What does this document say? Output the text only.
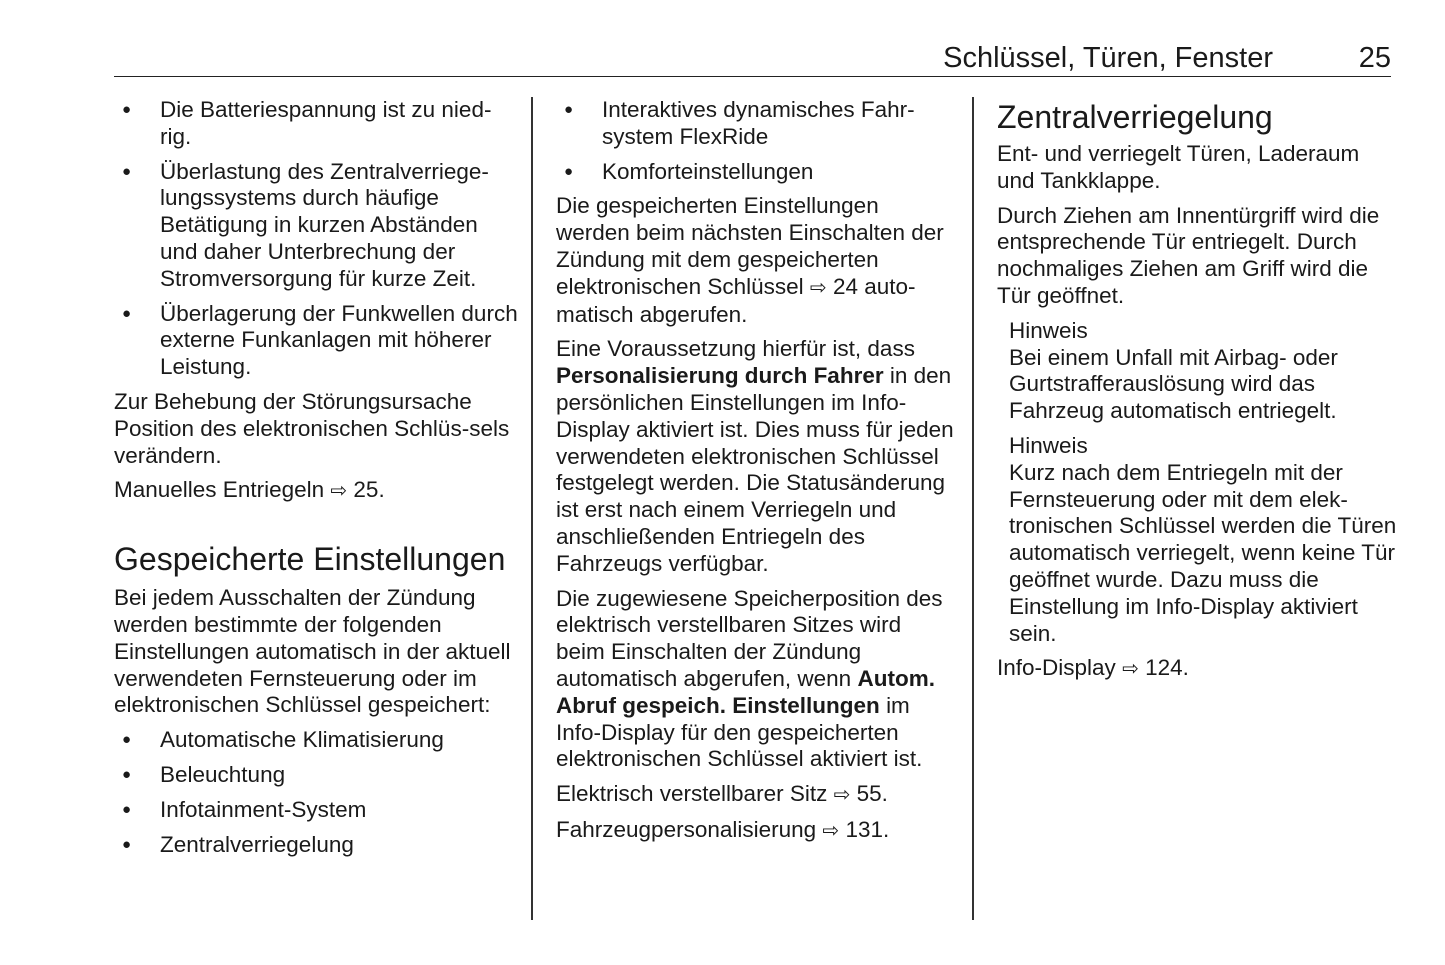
Schlüssel, Türen, Fenster	25
● Die Batteriespannung ist zu nied-rig.
● Überlastung des Zentralverriege-lungssystems durch häufige Betätigung in kurzen Abständen und daher Unterbrechung der Stromversorgung für kurze Zeit.
● Überlagerung der Funkwellen durch externe Funkanlagen mit höherer Leistung.

Zur Behebung der Störungsursache Position des elektronischen Schlüs-sels verändern.

Manuelles Entriegeln ⇨ 25.

Gespeicherte Einstellungen

Bei jedem Ausschalten der Zündung werden bestimmte der folgenden Einstellungen automatisch in der aktuell verwendeten Fernsteuerung oder im elektronischen Schlüssel gespeichert:

● Automatische Klimatisierung
● Beleuchtung
● Infotainment-System
● Zentralverriegelung
● Interaktives dynamisches Fahr-system FlexRide
● Komforteinstellungen

Die gespeicherten Einstellungen werden beim nächsten Einschalten der Zündung mit dem gespeicherten elektronischen Schlüssel ⇨ 24 auto-matisch abgerufen.

Eine Voraussetzung hierfür ist, dass Personalisierung durch Fahrer in den persönlichen Einstellungen im Info-Display aktiviert ist. Dies muss für jeden verwendeten elektronischen Schlüssel festgelegt werden. Die Statusänderung ist erst nach einem Verriegeln und anschließenden Entriegeln des Fahrzeugs verfügbar.

Die zugewiesene Speicherposition des elektrisch verstellbaren Sitzes wird beim Einschalten der Zündung automatisch abgerufen, wenn Autom. Abruf gespeich. Einstellungen im Info-Display für den gespeicherten elektronischen Schlüssel aktiviert ist.

Elektrisch verstellbarer Sitz ⇨ 55.

Fahrzeugpersonalisierung ⇨ 131.

Zentralverriegelung

Ent- und verriegelt Türen, Laderaum und Tankklappe.

Durch Ziehen am Innentürgriff wird die entsprechende Tür entriegelt. Durch nochmaliges Ziehen am Griff wird die Tür geöffnet.

Hinweis
Bei einem Unfall mit Airbag- oder Gurtstrafferauslösung wird das Fahrzeug automatisch entriegelt.
Hinweis
Kurz nach dem Entriegeln mit der Fernsteuerung oder mit dem elek-tronischen Schlüssel werden die Türen automatisch verriegelt, wenn keine Tür geöffnet wurde. Dazu muss die Einstellung im Info-Display aktiviert sein.

Info-Display ⇨ 124.
